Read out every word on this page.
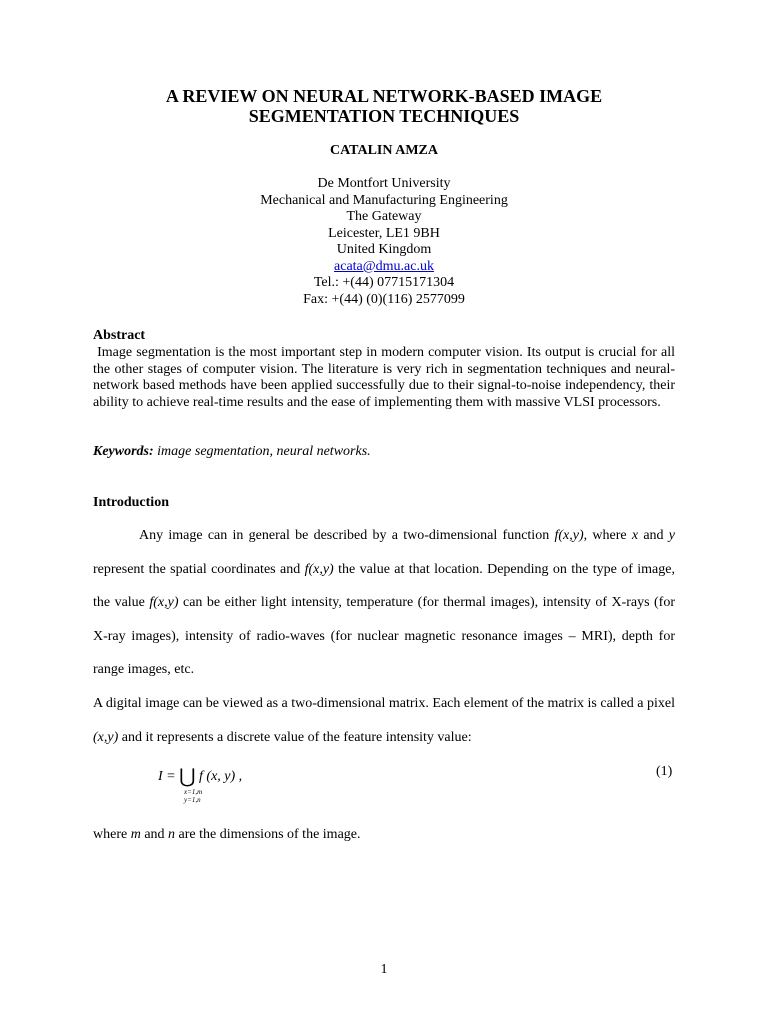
A REVIEW ON NEURAL NETWORK-BASED IMAGE
SEGMENTATION TECHNIQUES
CATALIN AMZA
De Montfort University
Mechanical and Manufacturing Engineering
The Gateway
Leicester, LE1 9BH
United Kingdom
acata@dmu.ac.uk
Tel.: +(44) 07715171304
Fax: +(44) (0)(116) 2577099
Abstract
Image segmentation is the most important step in modern computer vision. Its output is crucial for all the other stages of computer vision. The literature is very rich in segmentation techniques and neural-network based methods have been applied successfully due to their signal-to-noise independency, their ability to achieve real-time results and the ease of implementing them with massive VLSI processors.
Keywords: image segmentation, neural networks.
Introduction

Any image can in general be described by a two-dimensional function f(x,y), where x and y represent the spatial coordinates and f(x,y) the value at that location. Depending on the type of image, the value f(x,y) can be either light intensity, temperature (for thermal images), intensity of X-rays (for X-ray images), intensity of radio-waves (for nuclear magnetic resonance images – MRI), depth for range images, etc.

A digital image can be viewed as a two-dimensional matrix. Each element of the matrix is called a pixel (x,y) and it represents a discrete value of the feature intensity value:

I = ⋃ f (x, y) ,
x=1,m
y=1,n
(1)
where m and n are the dimensions of the image.
1
